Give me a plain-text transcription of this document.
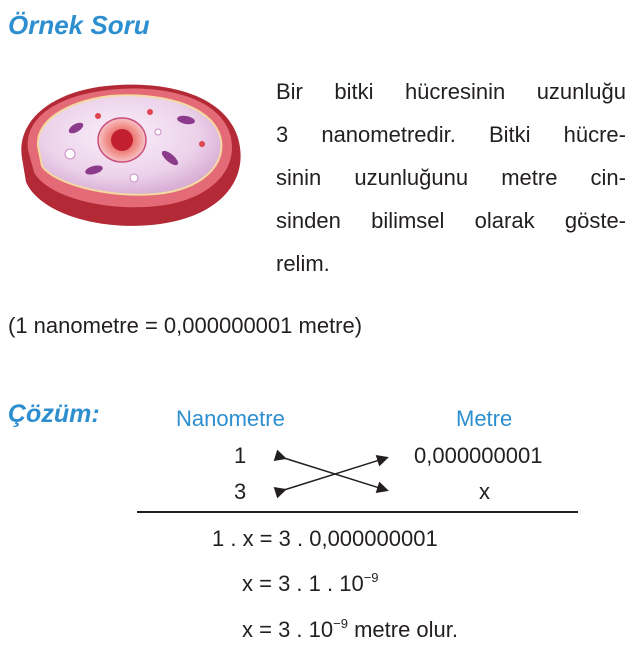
Örnek Soru
Bir bitki hücresinin uzunluğu
3 nanometredir. Bitki hücre-
sinin uzunluğunu metre cin-
sinden bilimsel olarak göste-
relim.
(1 nanometre = 0,000000001 metre)
Çözüm:	Nanometre	Metre
1
3
0,000000001
x
1 . x = 3 . 0,000000001
x = 3 . 1 . $10^{-9}$
x = 3 . $10^{-9}$ metre olur.
